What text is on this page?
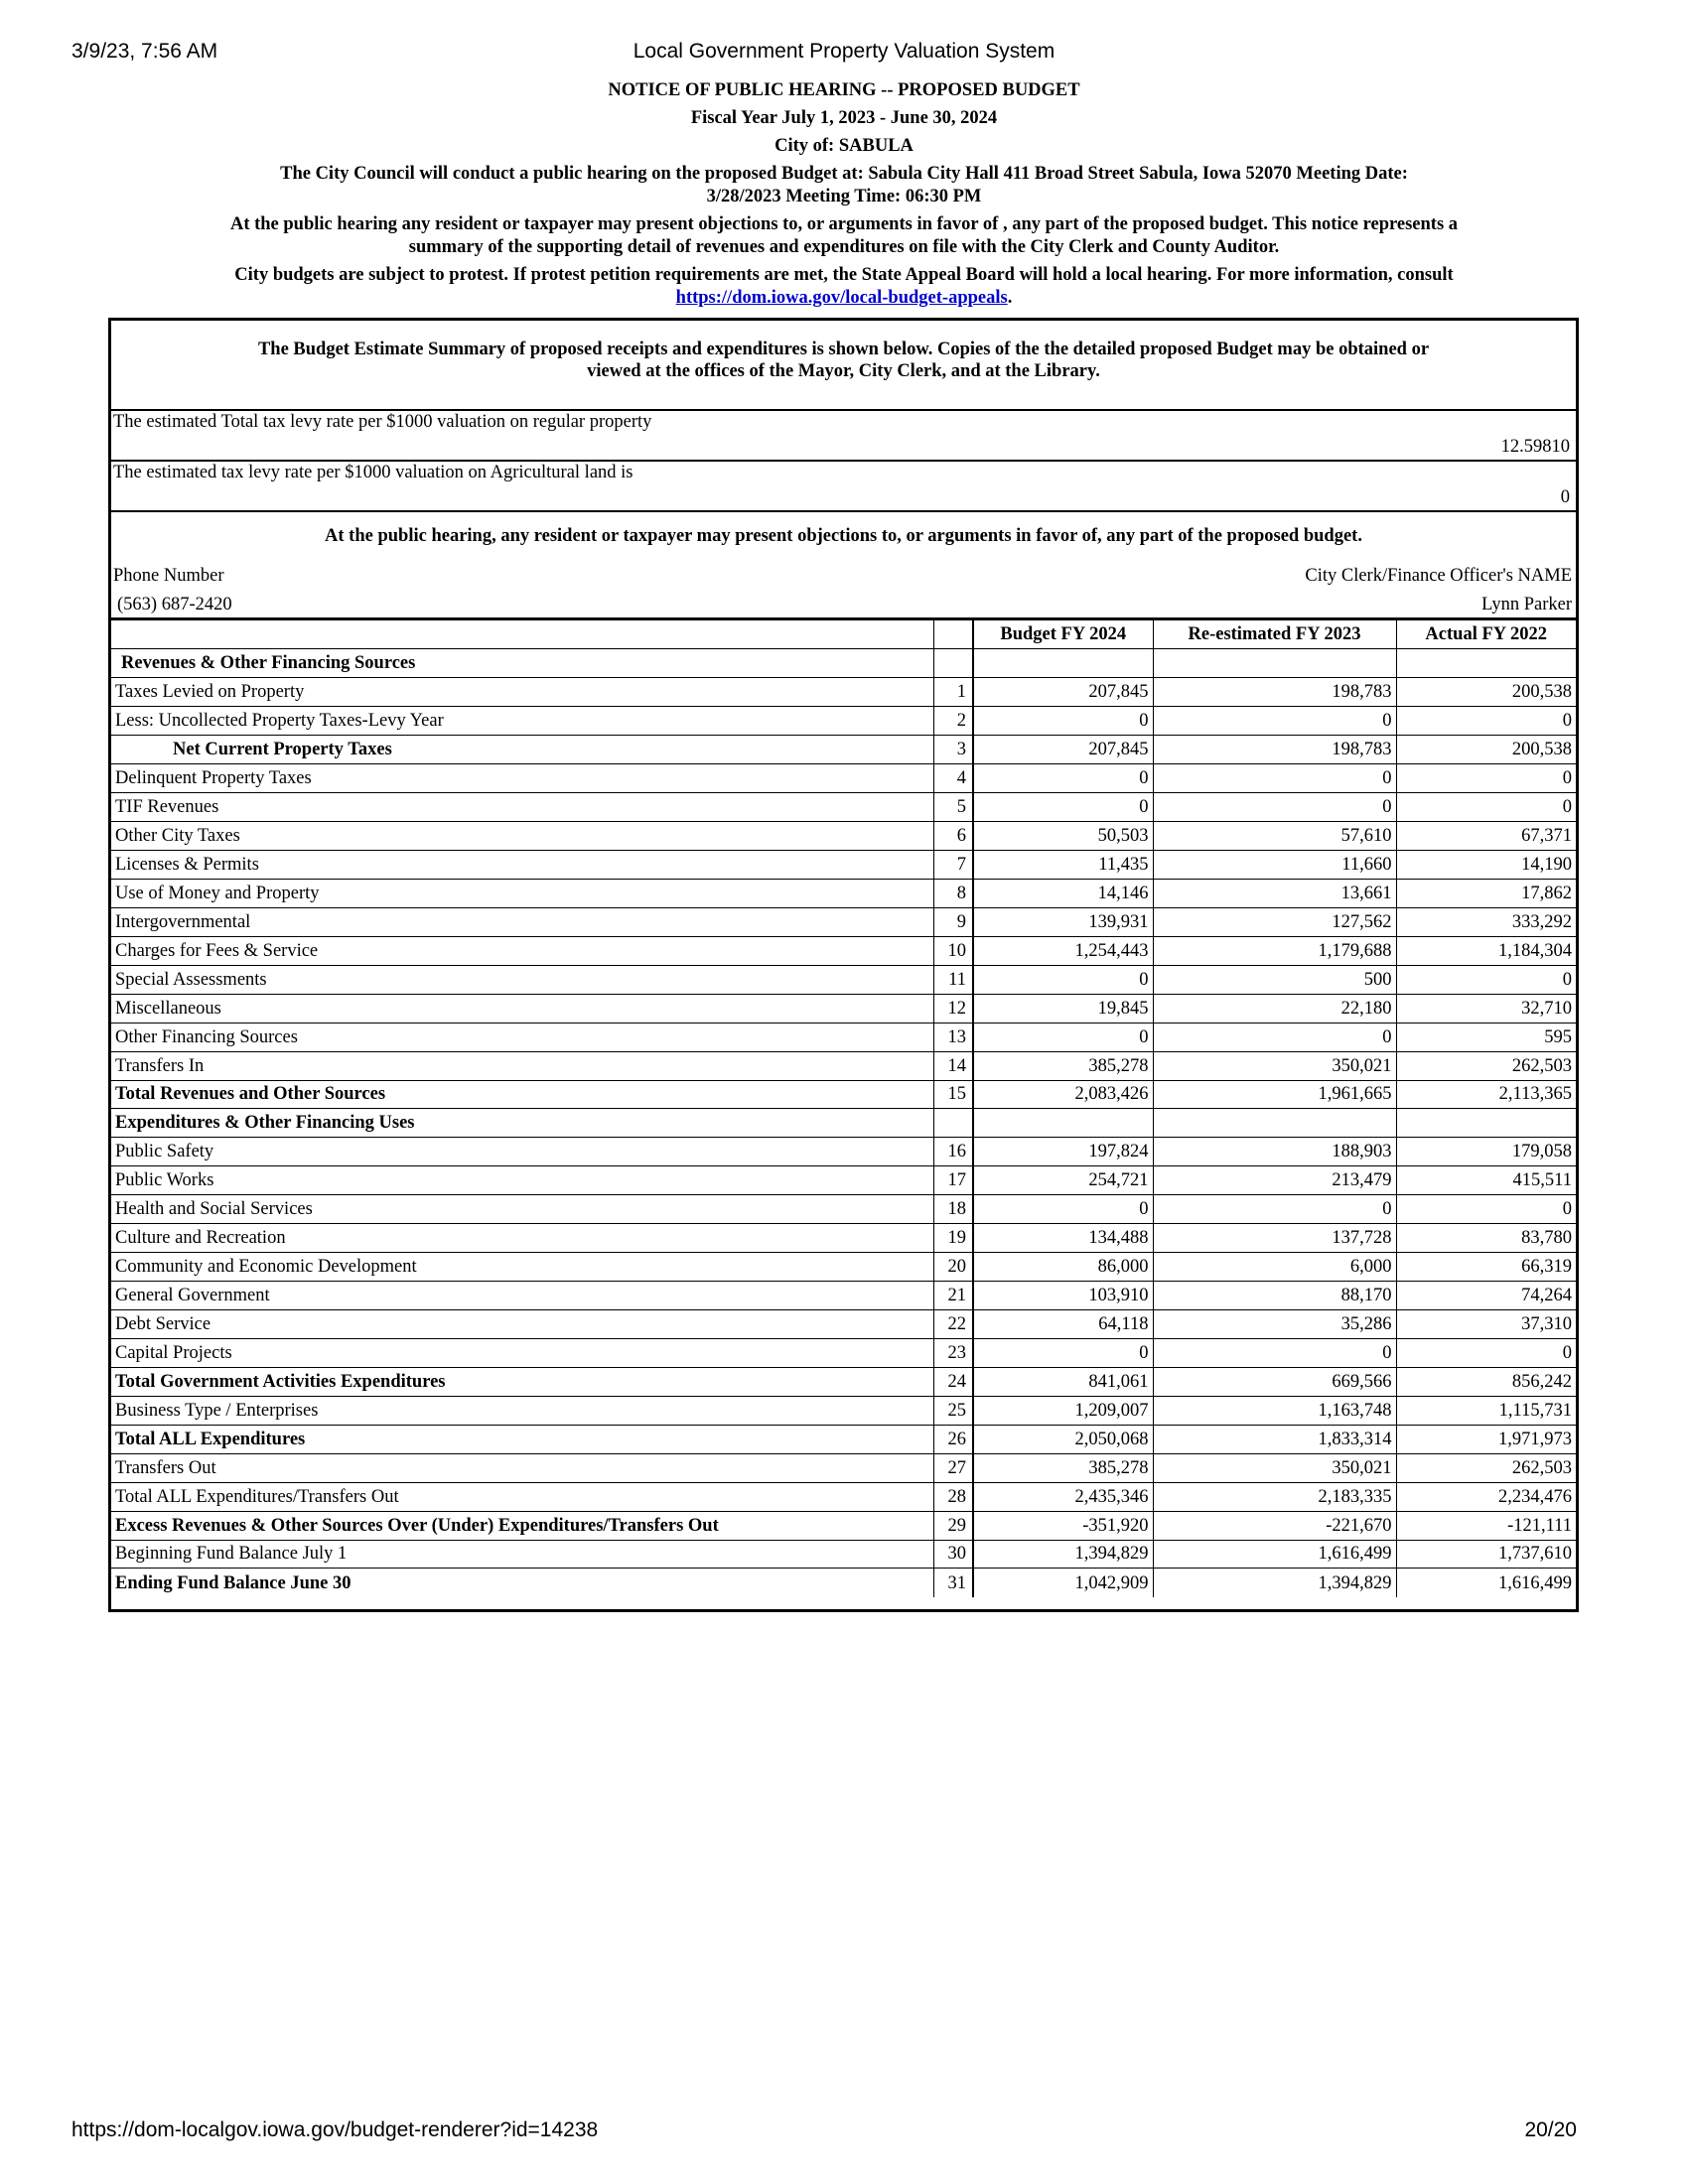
3/9/23, 7:56 AM	Local Government Property Valuation System
NOTICE OF PUBLIC HEARING -- PROPOSED BUDGET
Fiscal Year July 1, 2023 - June 30, 2024
City of: SABULA
The City Council will conduct a public hearing on the proposed Budget at: Sabula City Hall 411 Broad Street Sabula, Iowa 52070 Meeting Date:
3/28/2023 Meeting Time: 06:30 PM
At the public hearing any resident or taxpayer may present objections to, or arguments in favor of , any part of the proposed budget. This notice represents a
summary of the supporting detail of revenues and expenditures on file with the City Clerk and County Auditor.
City budgets are subject to protest. If protest petition requirements are met, the State Appeal Board will hold a local hearing. For more information, consult
https://dom.iowa.gov/local-budget-appeals.
The Budget Estimate Summary of proposed receipts and expenditures is shown below. Copies of the the detailed proposed Budget may be obtained or
viewed at the offices of the Mayor, City Clerk, and at the Library.
The estimated Total tax levy rate per $1000 valuation on regular property
12.59810
The estimated tax levy rate per $1000 valuation on Agricultural land is
0
At the public hearing, any resident or taxpayer may present objections to, or arguments in favor of, any part of the proposed budget.
Phone Number	City Clerk/Finance Officer's NAME
(563) 687-2420	Lynn Parker
		Budget FY 2024	Re-estimated FY 2023	Actual FY 2022
Revenues & Other Financing Sources				
Taxes Levied on Property	1	207,845	198,783	200,538
Less: Uncollected Property Taxes-Levy Year	2	0	0	0
Net Current Property Taxes	3	207,845	198,783	200,538
Delinquent Property Taxes	4	0	0	0
TIF Revenues	5	0	0	0
Other City Taxes	6	50,503	57,610	67,371
Licenses & Permits	7	11,435	11,660	14,190
Use of Money and Property	8	14,146	13,661	17,862
Intergovernmental	9	139,931	127,562	333,292
Charges for Fees & Service	10	1,254,443	1,179,688	1,184,304
Special Assessments	11	0	500	0
Miscellaneous	12	19,845	22,180	32,710
Other Financing Sources	13	0	0	595
Transfers In	14	385,278	350,021	262,503
Total Revenues and Other Sources	15	2,083,426	1,961,665	2,113,365
Expenditures & Other Financing Uses				
Public Safety	16	197,824	188,903	179,058
Public Works	17	254,721	213,479	415,511
Health and Social Services	18	0	0	0
Culture and Recreation	19	134,488	137,728	83,780
Community and Economic Development	20	86,000	6,000	66,319
General Government	21	103,910	88,170	74,264
Debt Service	22	64,118	35,286	37,310
Capital Projects	23	0	0	0
Total Government Activities Expenditures	24	841,061	669,566	856,242
Business Type / Enterprises	25	1,209,007	1,163,748	1,115,731
Total ALL Expenditures	26	2,050,068	1,833,314	1,971,973
Transfers Out	27	385,278	350,021	262,503
Total ALL Expenditures/Transfers Out	28	2,435,346	2,183,335	2,234,476
Excess Revenues & Other Sources Over (Under) Expenditures/Transfers Out	29	-351,920	-221,670	-121,111
Beginning Fund Balance July 1	30	1,394,829	1,616,499	1,737,610
Ending Fund Balance June 30	31	1,042,909	1,394,829	1,616,499
https://dom-localgov.iowa.gov/budget-renderer?id=14238	20/20
